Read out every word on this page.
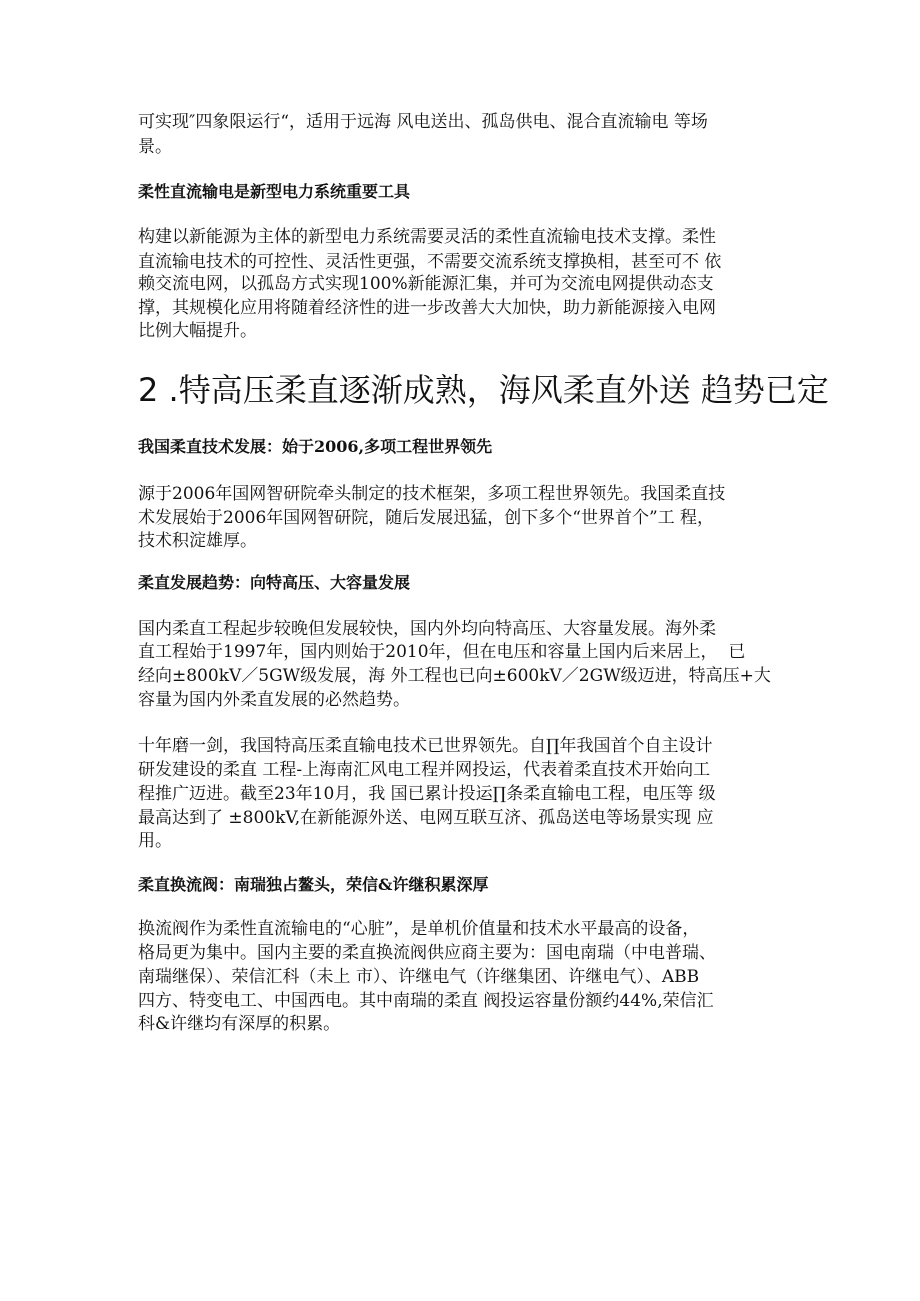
可实现″四象限运行“，适用于远海 风电送出、孤岛供电、混合直流输电 等场
景。
柔性直流输电是新型电力系统重要工具
构建以新能源为主体的新型电力系统需要灵活的柔性直流输电技术支撑。柔性
直流输电技术的可控性、灵活性更强，不需要交流系统支撑换相，甚至可不 依
赖交流电网，以孤岛方式实现100%新能源汇集，并可为交流电网提供动态支
撑，其规模化应用将随着经济性的进一步改善大大加快，助力新能源接入电网
比例大幅提升。
2 .特高压柔直逐渐成熟，海风柔直外送 趋势已定
我国柔直技术发展：始于2006,多项工程世界领先
源于2006年国网智研院牵头制定的技术框架，多项工程世界领先。我国柔直技
术发展始于2006年国网智研院，随后发展迅猛，创下多个“世界首个”工 程，
技术积淀雄厚。
柔直发展趋势：向特高压、大容量发展
国内柔直工程起步较晚但发展较快，国内外均向特高压、大容量发展。海外柔
直工程始于1997年，国内则始于2010年，但在电压和容量上国内后来居上，  已
经向±800kV／5GW级发展，海 外工程也已向±600kV／2GW级迈进，特高压+大
容量为国内外柔直发展的必然趋势。
十年磨一剑，我国特高压柔直输电技术已世界领先。自∏年我国首个自主设计
研发建设的柔直 工程-上海南汇风电工程并网投运，代表着柔直技术开始向工
程推广迈进。截至23年10月，我 国已累计投运∏条柔直输电工程，电压等 级
最高达到了 ±800kV,在新能源外送、电网互联互济、孤岛送电等场景实现 应
用。
柔直换流阀：南瑞独占鳌头，荣信&许继积累深厚
换流阀作为柔性直流输电的“心脏”，是单机价值量和技术水平最高的设备，
格局更为集中。国内主要的柔直换流阀供应商主要为：国电南瑞（中电普瑞、
南瑞继保）、荣信汇科（未上 市）、许继电气（许继集团、许继电气）、ABB
四方、特变电工、中国西电。其中南瑞的柔直 阀投运容量份额约44%,荣信汇
科&许继均有深厚的积累。
